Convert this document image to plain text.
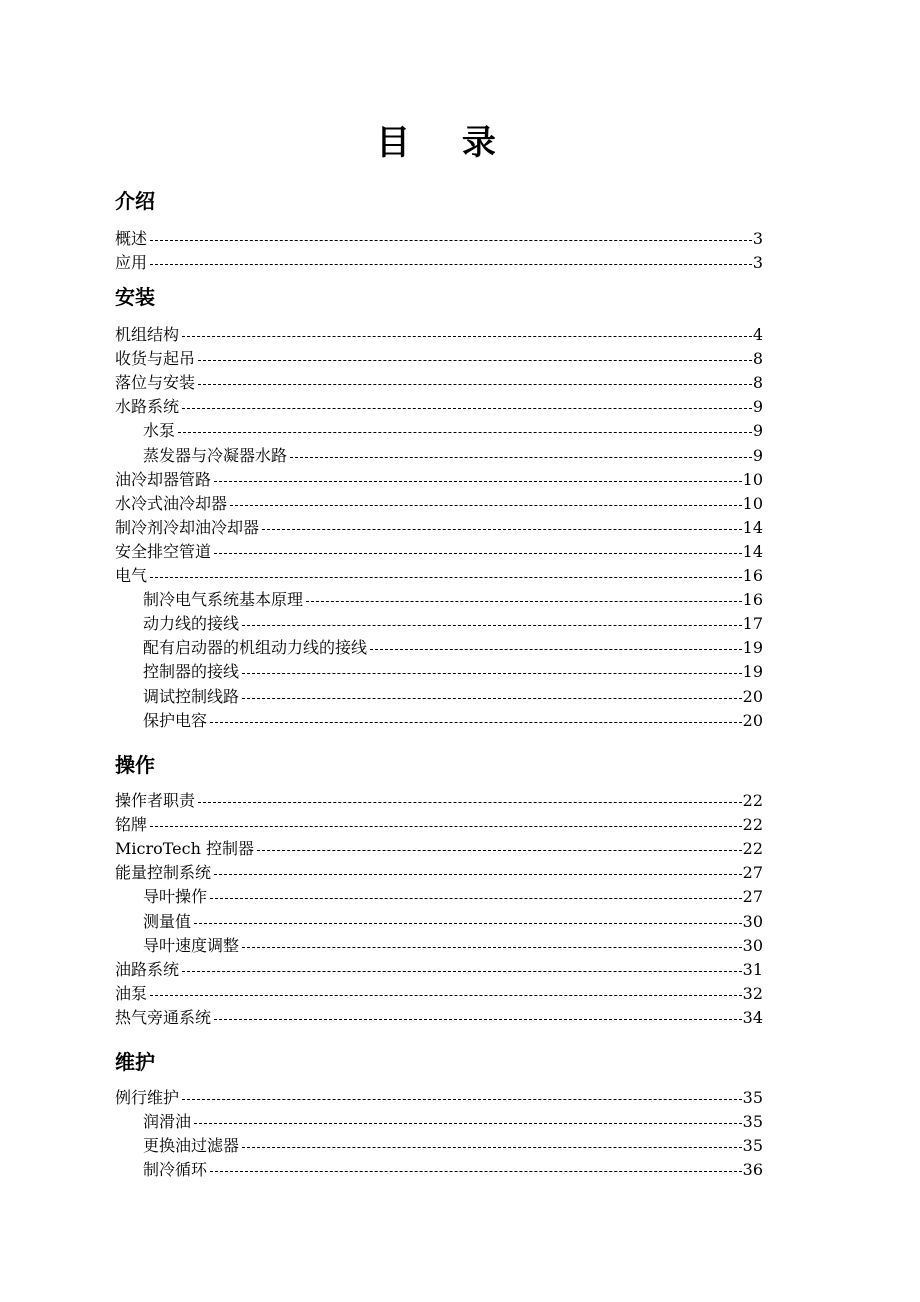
目 录
介绍
概述	3
应用	3
安装
机组结构	4
收货与起吊	8
落位与安装	8
水路系统	9
水泵	9
蒸发器与冷凝器水路	9
油冷却器管路	10
水冷式油冷却器	10
制冷剂冷却油冷却器	14
安全排空管道	14
电气	16
制冷电气系统基本原理	16
动力线的接线	17
配有启动器的机组动力线的接线	19
控制器的接线	19
调试控制线路	20
保护电容	20
操作
操作者职责	22
铭牌	22
MicroTech 控制器	22
能量控制系统	27
导叶操作	27
测量值	30
导叶速度调整	30
油路系统	31
油泵	32
热气旁通系统	34
维护
例行维护	35
润滑油	35
更换油过滤器	35
制冷循环	36
